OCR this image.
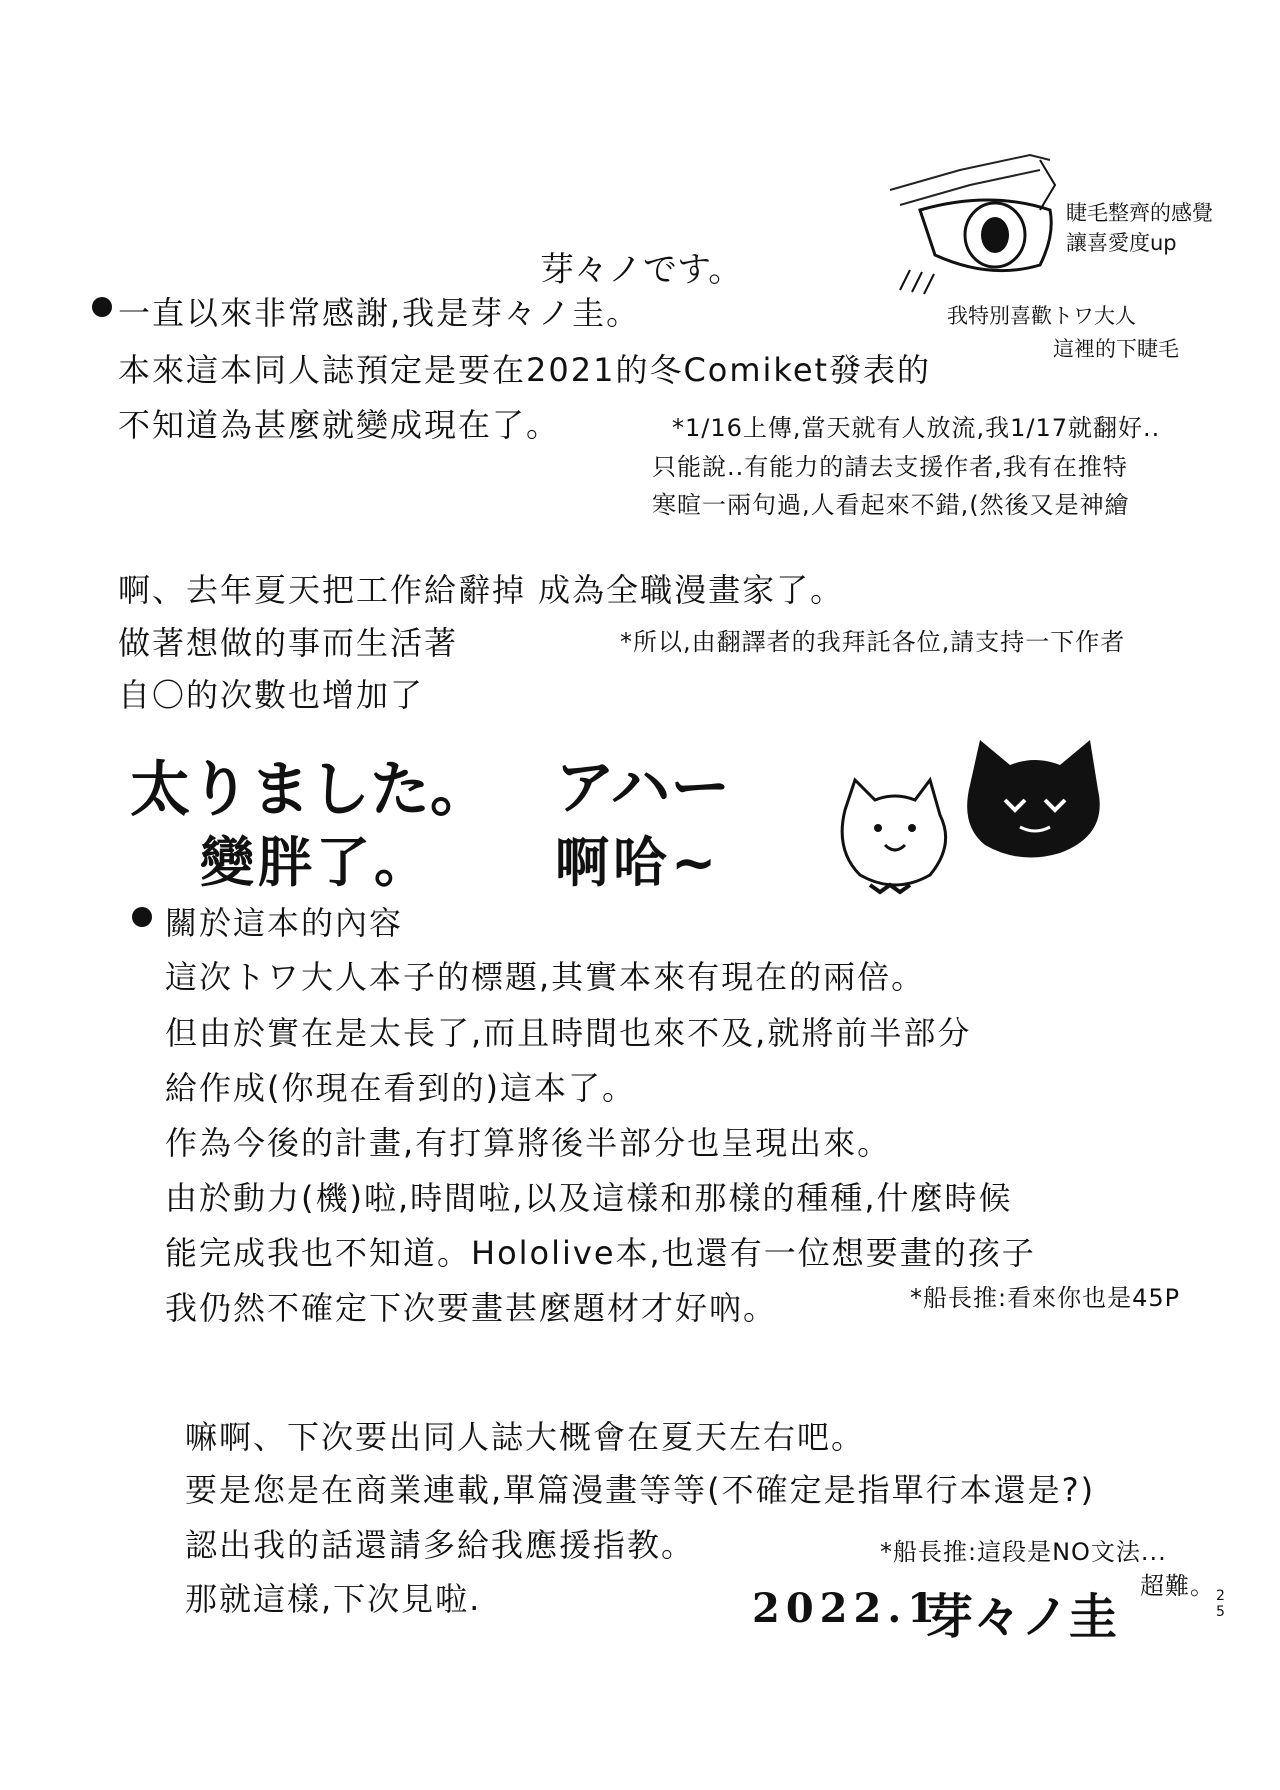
睫毛整齊的感覺
讓喜愛度up
我特別喜歡トワ大人
這裡的下睫毛
芽々ノです。
一直以來非常感謝,我是芽々ノ圭。
本來這本同人誌預定是要在2021的冬Comiket發表的
不知道為甚麼就變成現在了。	*1/16上傳,當天就有人放流,我1/17就翻好..
只能說..有能力的請去支援作者,我有在推特
寒暄一兩句過,人看起來不錯,(然後又是神繪
啊、去年夏天把工作給辭掉 成為全職漫畫家了。
做著想做的事而生活著	*所以,由翻譯者的我拜託各位,請支持一下作者
自〇的次數也增加了
太りました。
變胖了。
アハー
啊哈~
關於這本的內容
這次トワ大人本子的標題,其實本來有現在的兩倍。
但由於實在是太長了,而且時間也來不及,就將前半部分
給作成(你現在看到的)這本了。
作為今後的計畫,有打算將後半部分也呈現出來。
由於動力(機)啦,時間啦,以及這樣和那樣的種種,什麼時候
能完成我也不知道。Hololive本,也還有一位想要畫的孩子
我仍然不確定下次要畫甚麼題材才好吶。	*船長推:看來你也是45P
嘛啊、下次要出同人誌大概會在夏天左右吧。
要是您是在商業連載,單篇漫畫等等(不確定是指單行本還是?)
認出我的話還請多給我應援指教。	*船長推:這段是NO文法...
超難。
那就這樣,下次見啦.	2022.1
芽々ノ圭	25
